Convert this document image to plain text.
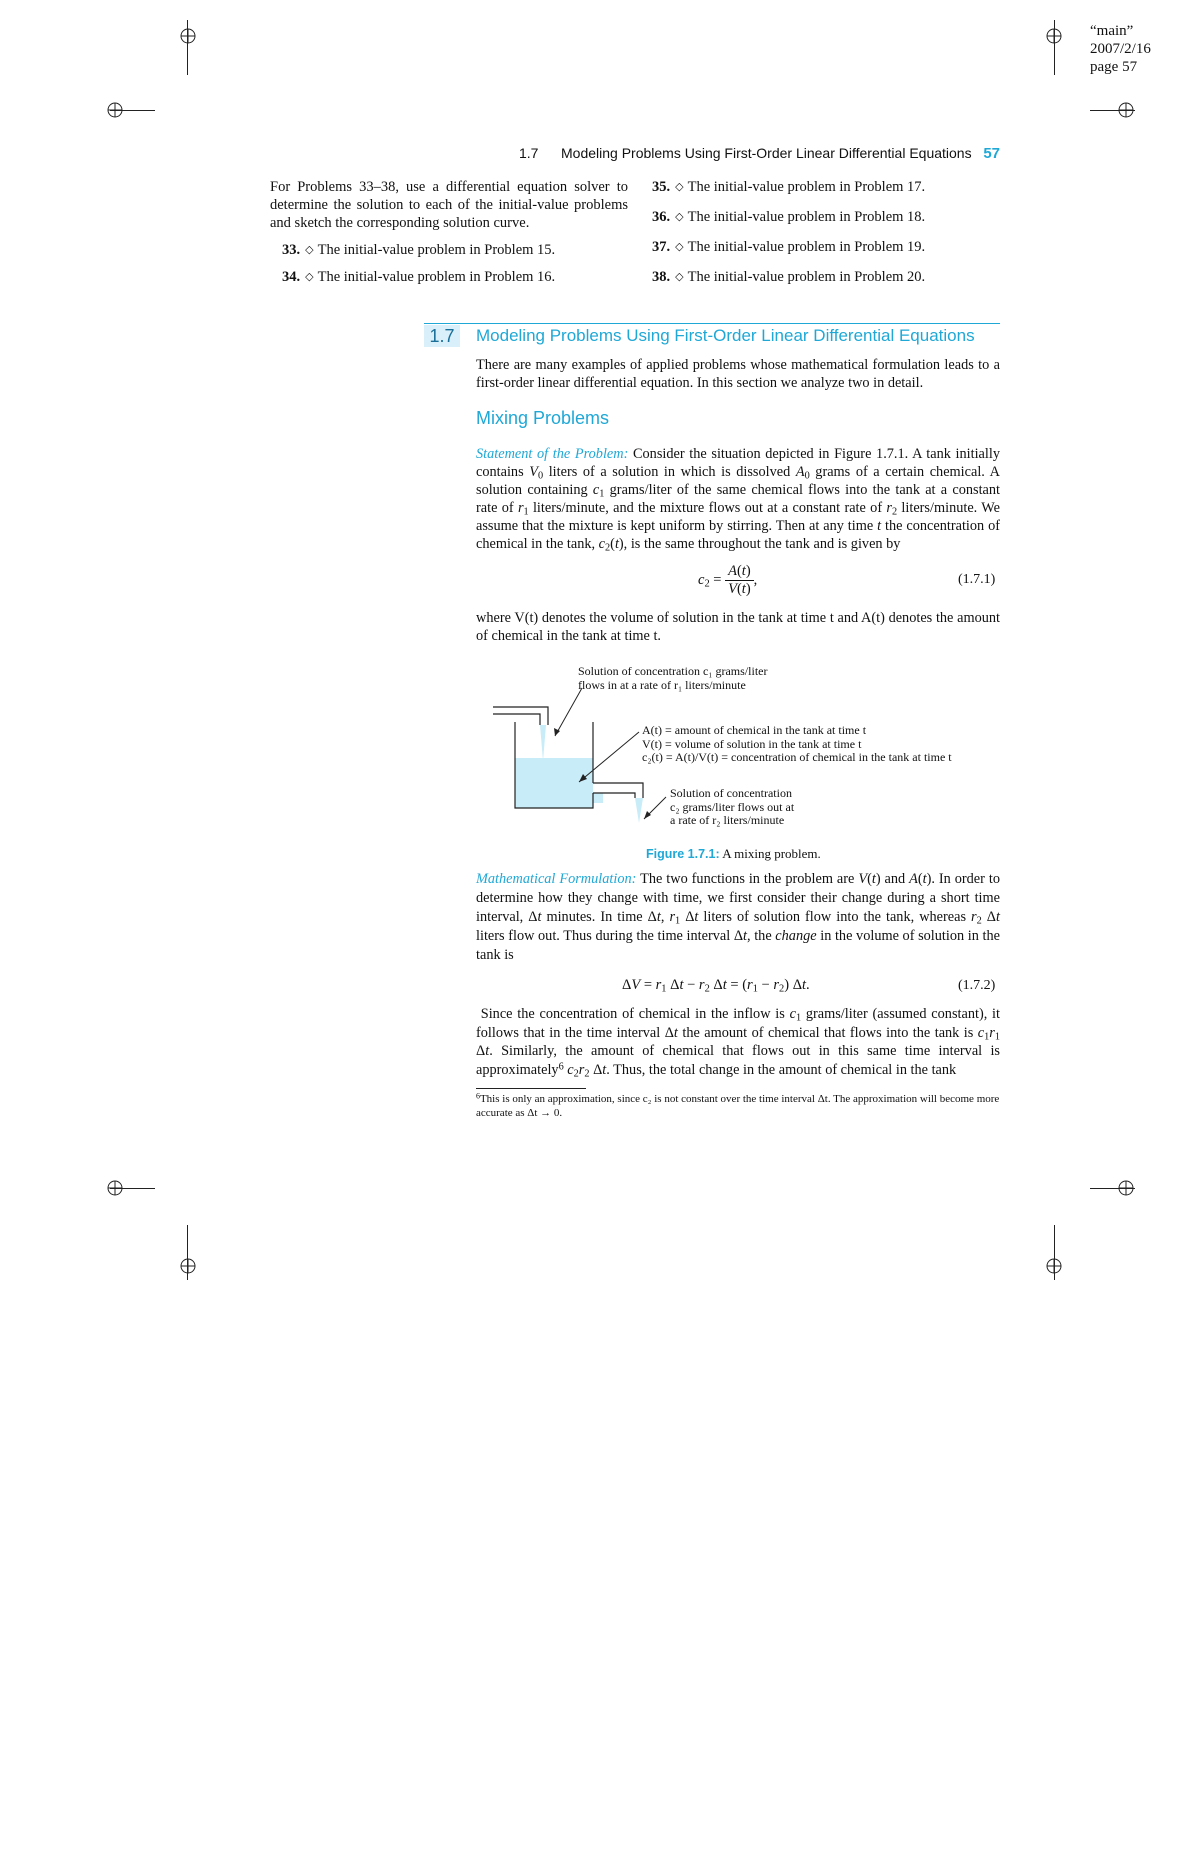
“main”
2007/2/16
page 57
1.7 Modeling Problems Using First-Order Linear Differential Equations 57
For Problems 33–38, use a differential equation solver to determine the solution to each of the initial-value problems and sketch the corresponding solution curve.
33. ◇ The initial-value problem in Problem 15.
34. ◇ The initial-value problem in Problem 16.
35. ◇ The initial-value problem in Problem 17.
36. ◇ The initial-value problem in Problem 18.
37. ◇ The initial-value problem in Problem 19.
38. ◇ The initial-value problem in Problem 20.
1.7	Modeling Problems Using First-Order Linear Differential Equations
There are many examples of applied problems whose mathematical formulation leads to a first-order linear differential equation. In this section we analyze two in detail.
Mixing Problems
Statement of the Problem: Consider the situation depicted in Figure 1.7.1. A tank initially contains $V_0$ liters of a solution in which is dissolved $A_0$ grams of a certain chemical. A solution containing $c_1$ grams/liter of the same chemical flows into the tank at a constant rate of $r_1$ liters/minute, and the mixture flows out at a constant rate of $r_2$ liters/minute. We assume that the mixture is kept uniform by stirring. Then at any time t the concentration of chemical in the tank, $c_2(t)$, is the same throughout the tank and is given by
$c_2 = \frac{A(t)}{V(t)}$ ,	(1.7.1)
where V(t) denotes the volume of solution in the tank at time t and A(t) denotes the amount of chemical in the tank at time t.
Solution of concentration c₁ grams/liter
flows in at a rate of r₁ liters/minute
A(t) = amount of chemical in the tank at time t
V(t) = volume of solution in the tank at time t
c₂(t) = A(t)/V(t) = concentration of chemical in the tank at time t
Solution of concentration
c₂ grams/liter flows out at
a rate of r₂ liters/minute
Figure 1.7.1: A mixing problem.
Mathematical Formulation: The two functions in the problem are V(t) and A(t). In order to determine how they change with time, we first consider their change during a short time interval, Δt minutes. In time Δt, $r_1$ Δt liters of solution flow into the tank, whereas $r_2$ Δt liters flow out. Thus during the time interval Δt, the change in the volume of solution in the tank is
$\Delta V = r_1$ $\Delta t - r_2$ $\Delta t = (r_1 - r_2)$ Δt.	(1.7.2)
Since the concentration of chemical in the inflow is $c_1$ grams/liter (assumed constant), it follows that in the time interval Δt the amount of chemical that flows into the tank is $c_1r_1$ Δt. Similarly, the amount of chemical that flows out in this same time interval is approximately$^6$ $c_2r_2$ Δt. Thus, the total change in the amount of chemical in the tank
$^6$This is only an approximation, since c₂ is not constant over the time interval Δt. The approximation will become more accurate as Δt → 0.
